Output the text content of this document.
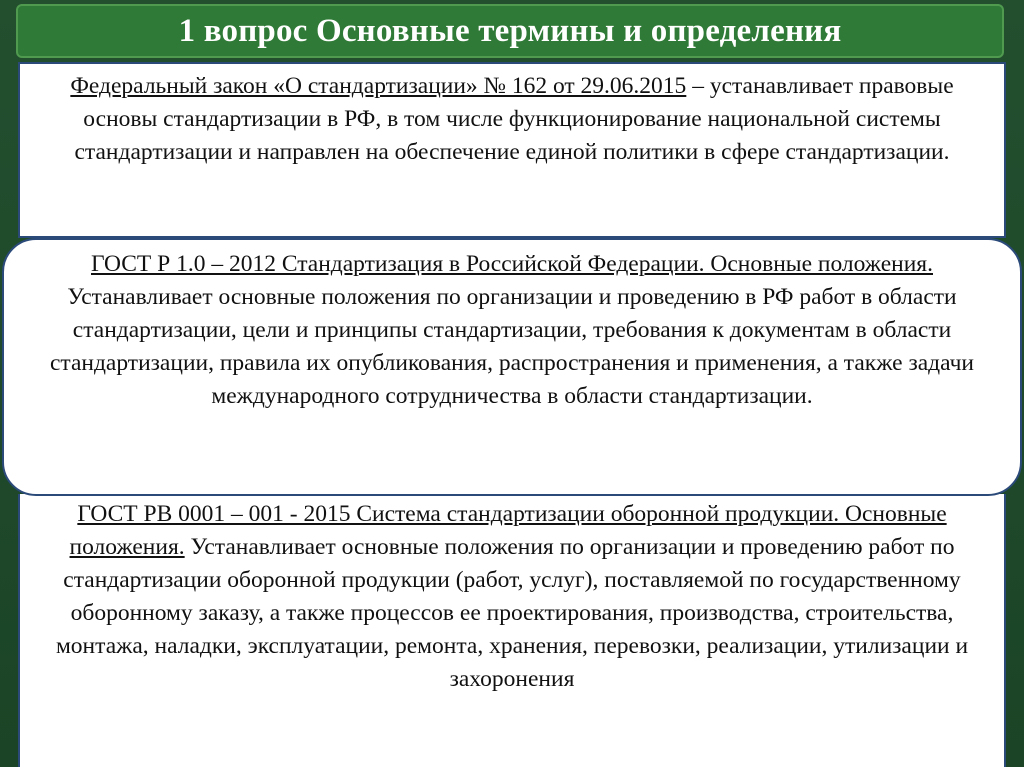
1 вопрос Основные термины и определения
Федеральный закон «О стандартизации» № 162 от 29.06.2015 – устанавливает правовые основы стандартизации в РФ, в том числе функционирование национальной системы стандартизации и направлен на обеспечение единой политики в сфере стандартизации.
ГОСТ Р 1.0 – 2012 Стандартизация в Российской Федерации. Основные положения. Устанавливает основные положения по организации и проведению в РФ работ в области стандартизации, цели и принципы стандартизации, требования к документам в области стандартизации, правила их опубликования, распространения и применения, а также задачи международного сотрудничества в области стандартизации.
ГОСТ РВ 0001 – 001 - 2015 Система стандартизации оборонной продукции. Основные положения. Устанавливает основные положения по организации и проведению работ по стандартизации оборонной продукции (работ, услуг), поставляемой по государственному оборонному заказу, а также процессов ее проектирования, производства, строительства, монтажа, наладки, эксплуатации, ремонта, хранения, перевозки, реализации, утилизации и захоронения
